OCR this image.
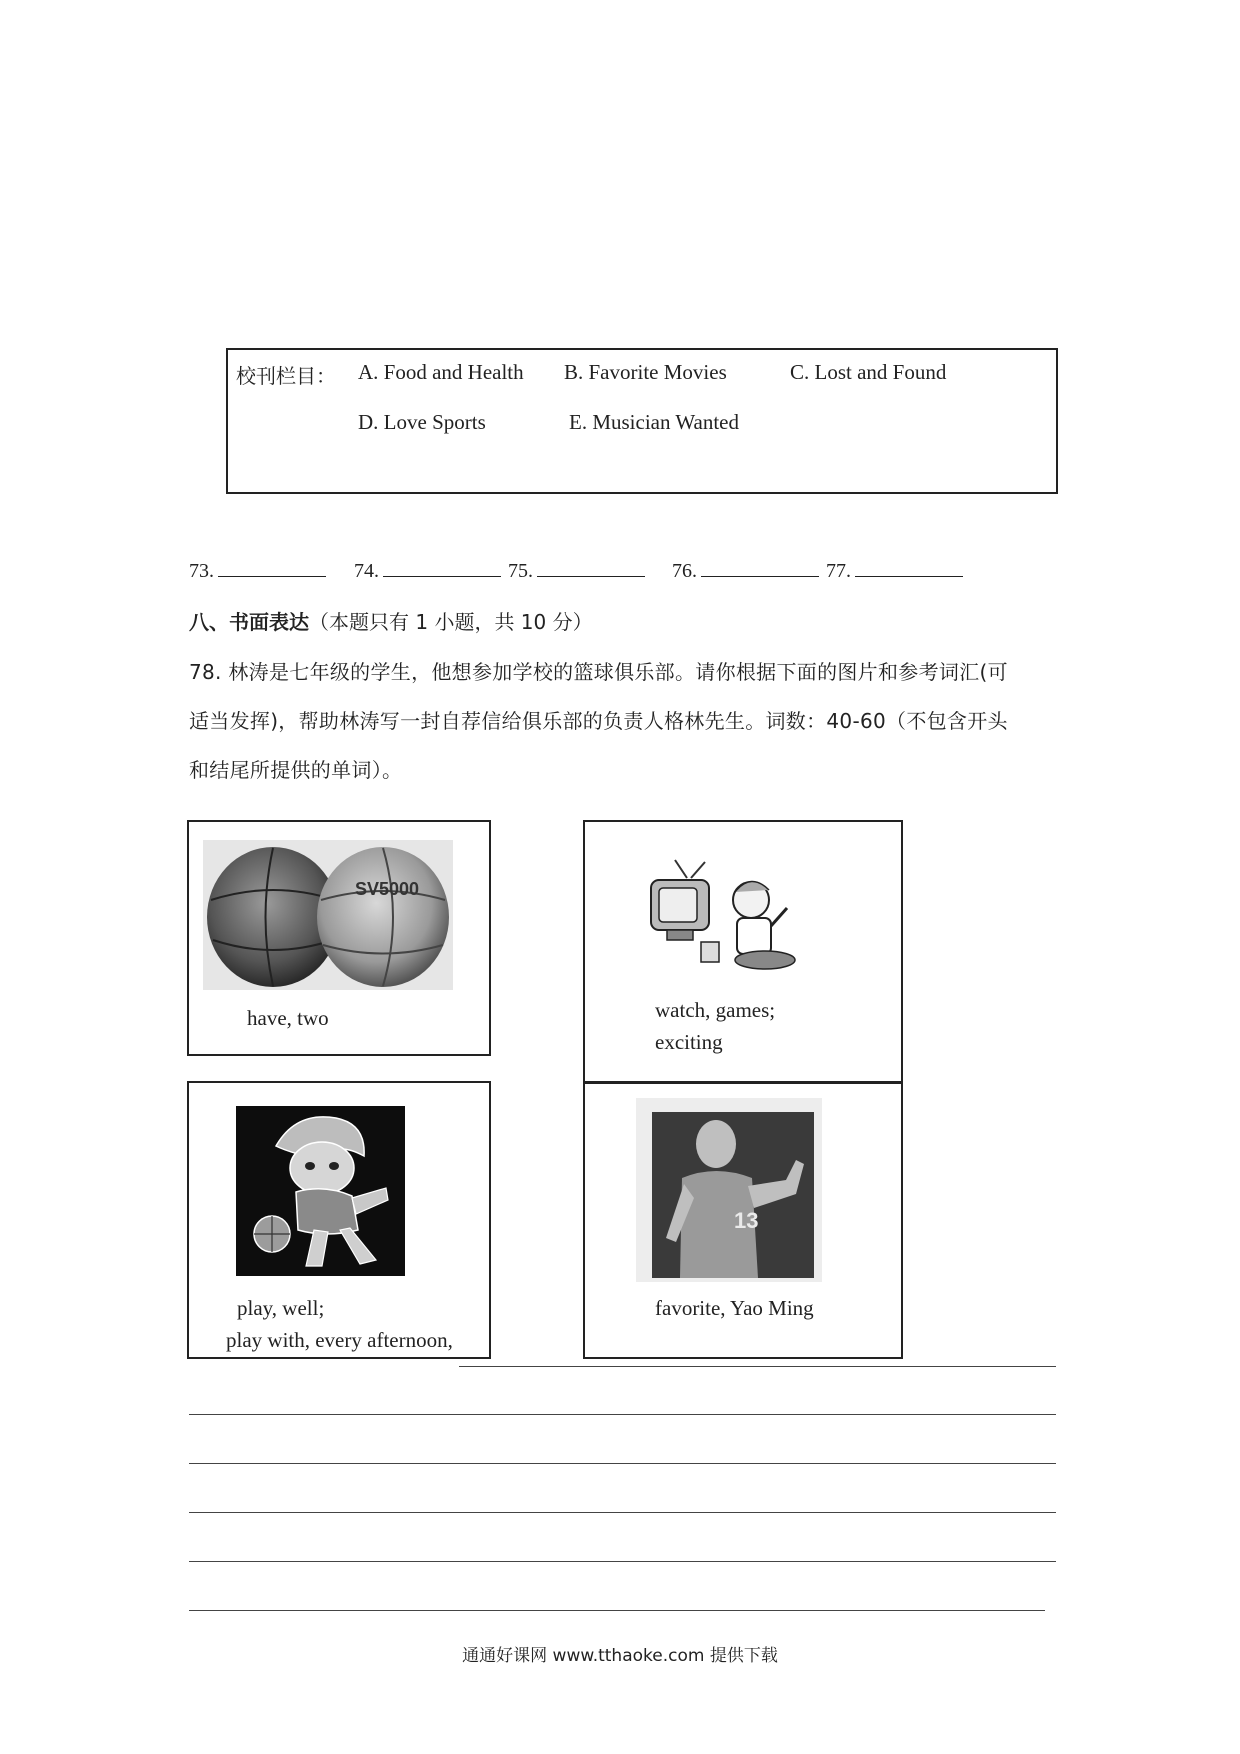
校刊栏目： A. Food and Health B. Favorite Movies	C. Lost and Found
D. Love Sports	E. Musician Wanted
73.	74.	75.	76.	77.
八、书面表达（本题只有 1 小题，共 10 分）
78. 林涛是七年级的学生，他想参加学校的篮球俱乐部。请你根据下面的图片和参考词汇(可
适当发挥)，帮助林涛写一封自荐信给俱乐部的负责人格林先生。词数：40-60（不包含开头
和结尾所提供的单词）。
SV5000
have, two	watch, games;
exciting
play, well;
play with, every afternoon,
13
favorite, Yao Ming
通通好课网 www.tthaoke.com 提供下载
